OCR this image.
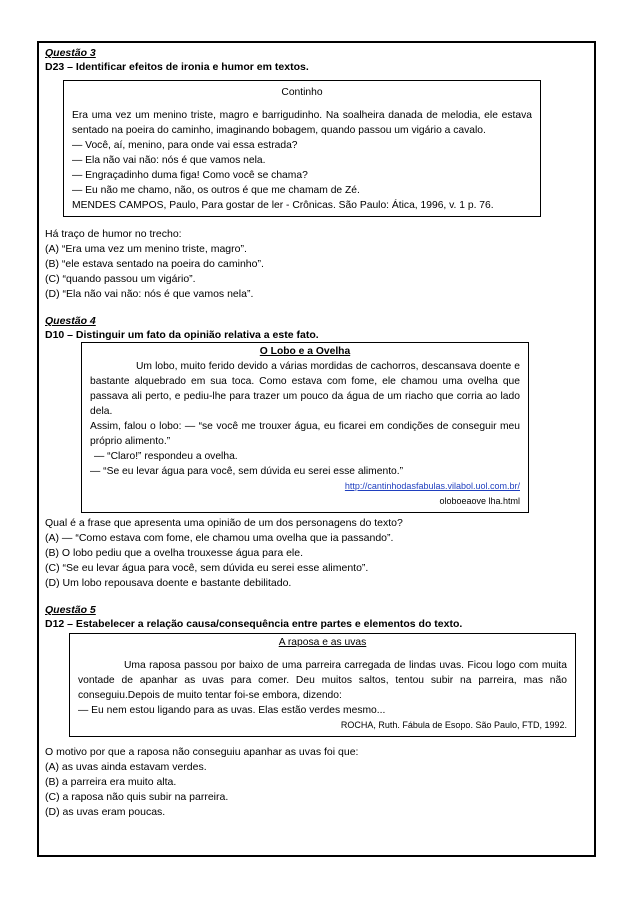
Questão 3
D23 – Identificar efeitos de ironia e humor em textos.
Continho

Era uma vez um menino triste, magro e barrigudinho. Na soalheira danada de melodia, ele estava sentado na poeira do caminho, imaginando bobagem, quando passou um vigário a cavalo.

— Você, aí, menino, para onde vai essa estrada?

— Ela não vai não: nós é que vamos nela.

— Engraçadinho duma figa! Como você se chama?

— Eu não me chamo, não, os outros é que me chamam de Zé.

MENDES CAMPOS, Paulo, Para gostar de ler - Crônicas. São Paulo: Ática, 1996, v. 1 p. 76.

Há traço de humor no trecho:

(A) “Era uma vez um menino triste, magro”.

(B) “ele estava sentado na poeira do caminho”.

(C) “quando passou um vigário”.

(D) “Ela não vai não: nós é que vamos nela”.

Questão 4
D10 – Distinguir um fato da opinião relativa a este fato.
O Lobo e a Ovelha

Um lobo, muito ferido devido a várias mordidas de cachorros, descansava doente e bastante alquebrado em sua toca. Como estava com fome, ele chamou uma ovelha que passava ali perto, e pediu-lhe para trazer um pouco da água de um riacho que corria ao lado dela.

Assim, falou o lobo: — “se você me trouxer água, eu ficarei em condições de conseguir meu próprio alimento.”

— “Claro!” respondeu a ovelha.

— “Se eu levar água para você, sem dúvida eu serei esse alimento.”

http://cantinhodasfabulas.vilabol.uol.com.br/
oloboeaove lha.html

Qual é a frase que apresenta uma opinião de um dos personagens do texto?

(A) — “Como estava com fome, ele chamou uma ovelha que ia passando”.

(B) O lobo pediu que a ovelha trouxesse água para ele.

(C) “Se eu levar água para você, sem dúvida eu serei esse alimento”.

(D) Um lobo repousava doente e bastante debilitado.

Questão 5
D12 – Estabelecer a relação causa/consequência entre partes e elementos do texto.
A raposa e as uvas

Uma raposa passou por baixo de uma parreira carregada de lindas uvas. Ficou logo com muita vontade de apanhar as uvas para comer. Deu muitos saltos, tentou subir na parreira, mas não conseguiu.Depois de muito tentar foi-se embora, dizendo:

— Eu nem estou ligando para as uvas. Elas estão verdes mesmo...

ROCHA, Ruth. Fábula de Esopo. São Paulo, FTD, 1992.

O motivo por que a raposa não conseguiu apanhar as uvas foi que:

(A) as uvas ainda estavam verdes.

(B) a parreira era muito alta.

(C) a raposa não quis subir na parreira.

(D) as uvas eram poucas.
